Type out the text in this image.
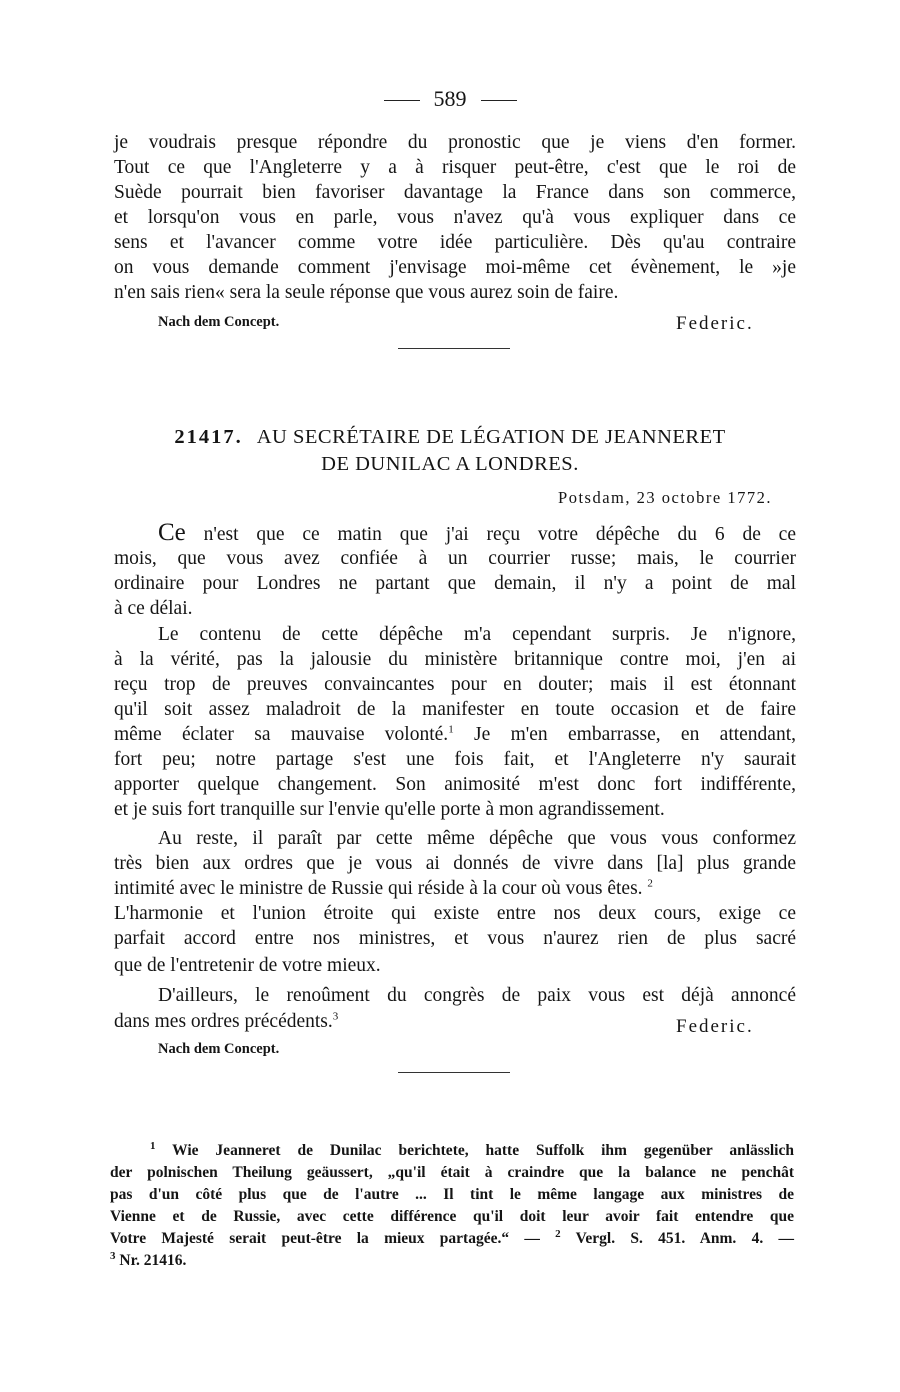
589
je voudrais presque répondre du pronostic que je viens d'en former.
Tout ce que l'Angleterre y a à risquer peut-être, c'est que le roi de
Suède pourrait bien favoriser davantage la France dans son commerce,
et lorsqu'on vous en parle, vous n'avez qu'à vous expliquer dans ce
sens et l'avancer comme votre idée particulière. Dès qu'au contraire
on vous demande comment j'envisage moi-même cet évènement, le »je
n'en sais rien« sera la seule réponse que vous aurez soin de faire.
Nach dem Concept.	Federic.
21417. AU SECRÉTAIRE DE LÉGATION DE JEANNERET
DE DUNILAC A LONDRES.
Potsdam, 23 octobre 1772.
Ce n'est que ce matin que j'ai reçu votre dépêche du 6 de ce
mois, que vous avez confiée à un courrier russe; mais, le courrier
ordinaire pour Londres ne partant que demain, il n'y a point de mal
à ce délai.
Le contenu de cette dépêche m'a cependant surpris. Je n'ignore,
à la vérité, pas la jalousie du ministère britannique contre moi, j'en ai
reçu trop de preuves convaincantes pour en douter; mais il est étonnant
qu'il soit assez maladroit de la manifester en toute occasion et de faire
même éclater sa mauvaise volonté.$^1$ Je m'en embarrasse, en attendant,
fort peu; notre partage s'est une fois fait, et l'Angleterre n'y saurait
apporter quelque changement. Son animosité m'est donc fort indifférente,
et je suis fort tranquille sur l'envie qu'elle porte à mon agrandissement.
Au reste, il paraît par cette même dépêche que vous vous conformez
très bien aux ordres que je vous ai donnés de vivre dans [la] plus grande
intimité avec le ministre de Russie qui réside à la cour où vous êtes. $^2$
L'harmonie et l'union étroite qui existe entre nos deux cours, exige ce
parfait accord entre nos ministres, et vous n'aurez rien de plus sacré
que de l'entretenir de votre mieux.
D'ailleurs, le renoûment du congrès de paix vous est déjà annoncé
dans mes ordres précédents.$^3$	Federic.
Nach dem Concept.
$^1$ Wie Jeanneret de Dunilac berichtete, hatte Suffolk ihm gegenüber anlässlich
der polnischen Theilung geäussert, „qu'il était à craindre que la balance ne penchât
pas d'un côté plus que de l'autre ... Il tint le même langage aux ministres de
Vienne et de Russie, avec cette différence qu'il doit leur avoir fait entendre que
Votre Majesté serait peut-être la mieux partagée.“ — $^2$ Vergl. S. 451. Anm. 4. —
$^3$ Nr. 21416.
